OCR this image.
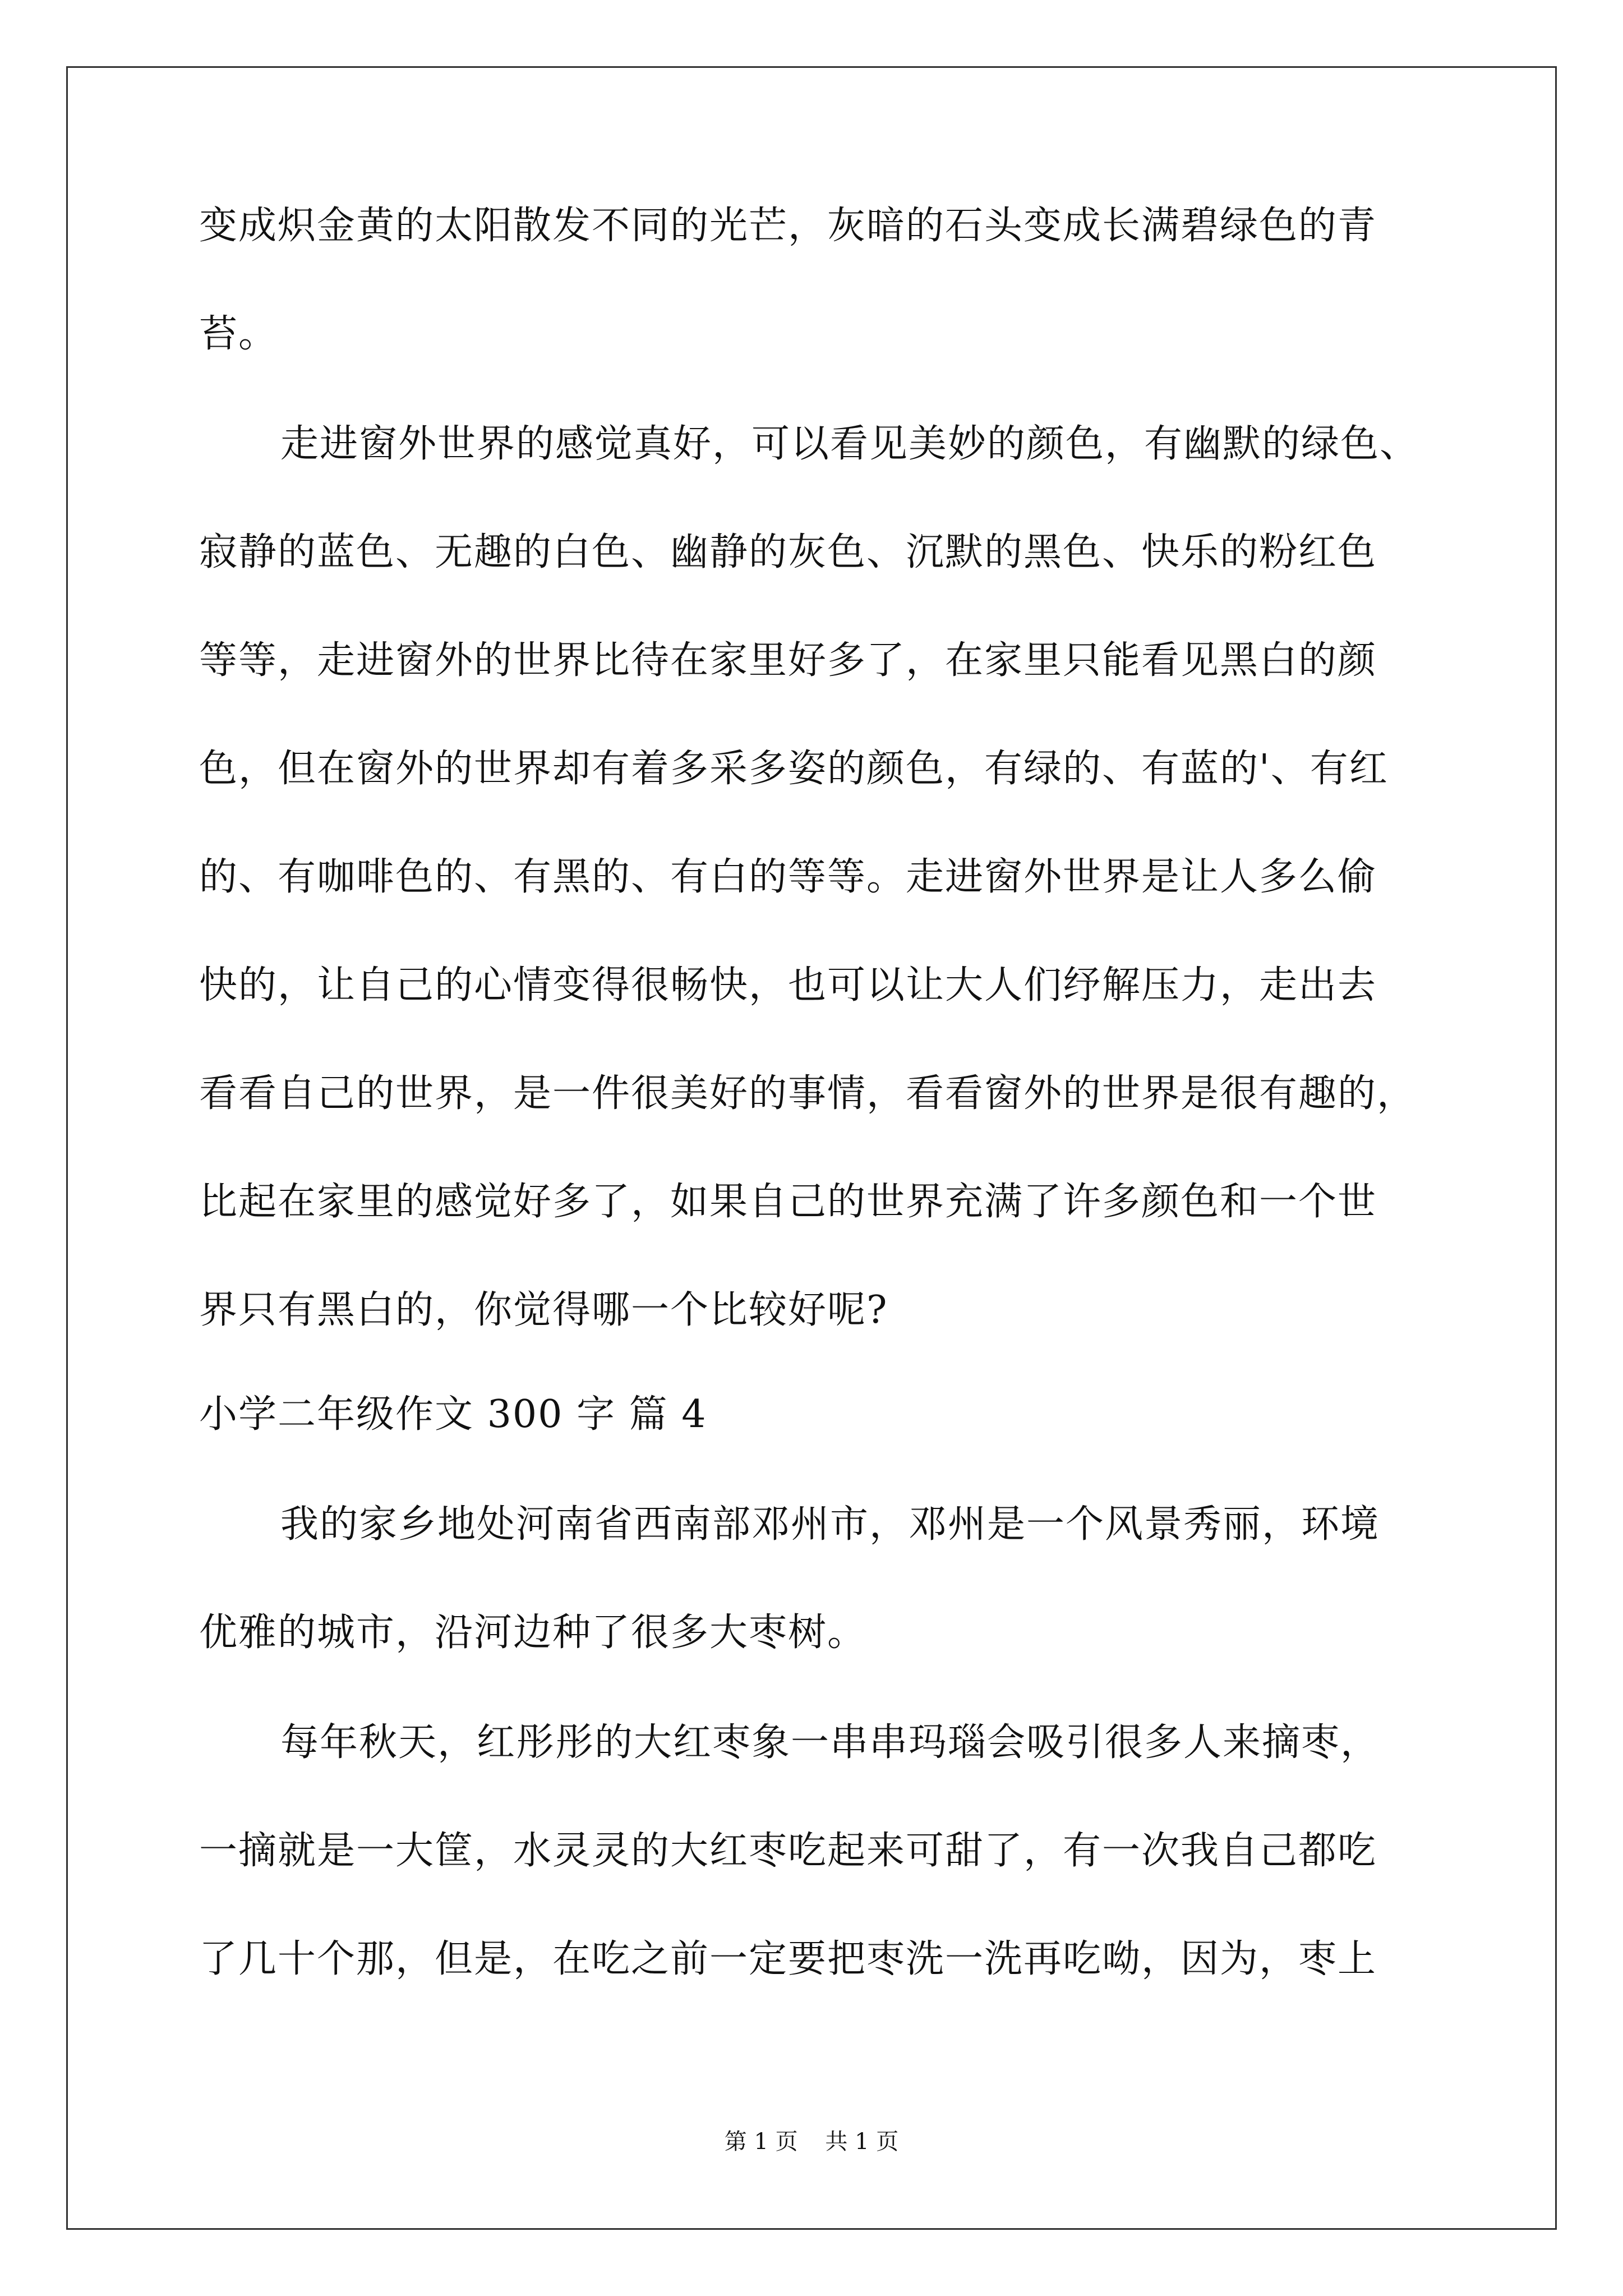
变成炽金黄的太阳散发不同的光芒，灰暗的石头变成长满碧绿色的青
苔。
走进窗外世界的感觉真好，可以看见美妙的颜色，有幽默的绿色、
寂静的蓝色、无趣的白色、幽静的灰色、沉默的黑色、快乐的粉红色
等等，走进窗外的世界比待在家里好多了，在家里只能看见黑白的颜
色，但在窗外的世界却有着多采多姿的颜色，有绿的、有蓝的'、有红
的、有咖啡色的、有黑的、有白的等等。走进窗外世界是让人多么偷
快的，让自己的心情变得很畅快，也可以让大人们纾解压力，走出去
看看自己的世界，是一件很美好的事情，看看窗外的世界是很有趣的，
比起在家里的感觉好多了，如果自己的世界充满了许多颜色和一个世
界只有黑白的，你觉得哪一个比较好呢?
小学二年级作文 300 字 篇 4
我的家乡地处河南省西南部邓州市，邓州是一个风景秀丽，环境
优雅的城市，沿河边种了很多大枣树。
每年秋天，红彤彤的大红枣象一串串玛瑙会吸引很多人来摘枣，
一摘就是一大筐，水灵灵的大红枣吃起来可甜了，有一次我自己都吃
了几十个那，但是，在吃之前一定要把枣洗一洗再吃呦，因为，枣上
第 1 页 共 1 页
